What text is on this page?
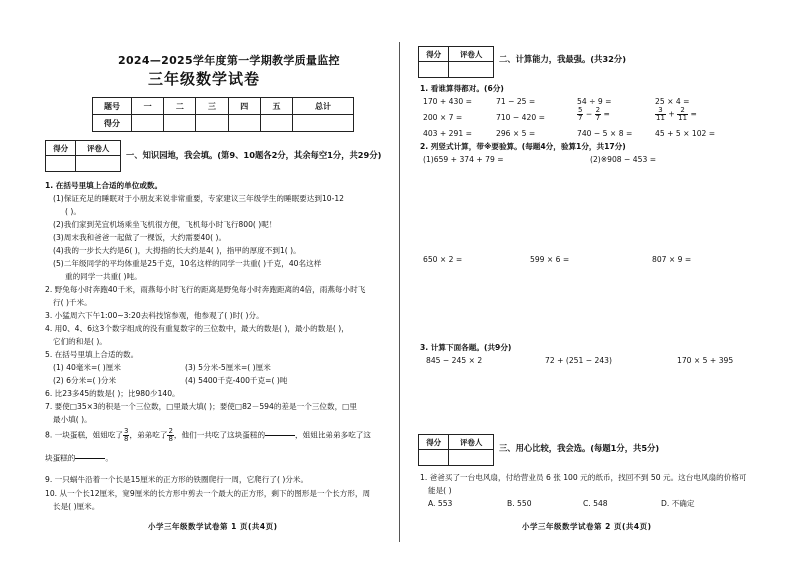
2024—2025学年度第一学期教学质量监控
三年级数学试卷
题号	一	二	三	四	五	总计
得分						
得分	评卷人

一、知识园地，我会填。(第9、10题各2分，其余每空1分，共29分)
1. 在括号里填上合适的单位或数。
(1)保证充足的睡眠对于小朋友来说非常重要，专家建议三年级学生的睡眠要达到10-12
( )。
(2)我们家到芜宜机场乘坐飞机很方便，飞机每小时飞行800( )呢！
(3)周末我和爸爸一起做了一棵饭，大约需要40( )。
(4)我的一步长大约是6( )，大拇指的长大约是4( )，指甲的厚度不到1( )。
(5)二年级同学的平均体重是25千克，10名这样的同学一共重( )千克，40名这样
重的同学一共重( )吨。
2. 野兔每小时奔跑40千米，雨燕每小时飞行的距离是野兔每小时奔跑距离的4倍，雨燕每小时飞
行( )千米。
3. 小猛周六下午1:00~3:20去科技馆参观，他参观了( )时( )分。
4. 用0、4、6这3个数字组成的没有重复数字的三位数中，最大的数是( )，最小的数是( )，
它们的和是( )。
5. 在括号里填上合适的数。
(1) 40毫米=( )厘米	(3) 5分米-5厘米=( )厘米
(2) 6分米=( )分米	(4) 5400千克-400千克=( )吨
6. 比23多45的数是( )；比980少140。
7. 要使□35×3的积是一个三位数，□里最大填( )；要使□82－594的差是一个三位数，□里
最小填( )。
8. 一块蛋糕，姐姐吃了 $\frac{3}{8}$ ，弟弟吃了 $\frac{2}{8}$ ，他们一共吃了这块蛋糕的

	，姐姐比弟弟多吃了这
块蛋糕的

	。
9. 一只蜗牛沿着一个长是15厘米的正方形的铁圈爬行一周，它爬行了( )分米。
10. 从一个长12厘米，宽9厘米的长方形中剪去一个最大的正方形，剩下的图形是一个长方形，周
长是( )厘米。
小学三年级数学试卷第 1 页(共4页)
得分	评卷人
	二、计算能力，我最强。(共32分)
1. 看谁算得都对。(6分)
170 + 430 =	71 − 25 =	54 ÷ 9 =	25 × 4 =
200 × 7 =	710 − 420 =	$\frac{5}{7} - \frac{2}{7}$ =	$\frac{3}{11} + \frac{2}{11}$ =
403 + 291 =	296 × 5 =	740 − 5 × 8 =	45 + 5 × 102 =
2. 列竖式计算，带※要验算。(每题4分，验算1分，共17分)
(1)659 + 374 + 79 =	(2)※908 − 453 =
650 × 2 =	599 × 6 =	807 × 9 =
3. 计算下面各题。(共9分)
845 − 245 × 2	72 + (251 − 243)	170 × 5 + 395
得分	评卷人

三、用心比较，我会选。(每题1分，共5分)
1. 爸爸买了一台电风扇，付给营业员 6 张 100 元的纸币，找回不到 50 元。这台电风扇的价格可
能是( )
A. 553	B. 550	C. 548	D. 不确定
小学三年级数学试卷第 2 页(共4页)
